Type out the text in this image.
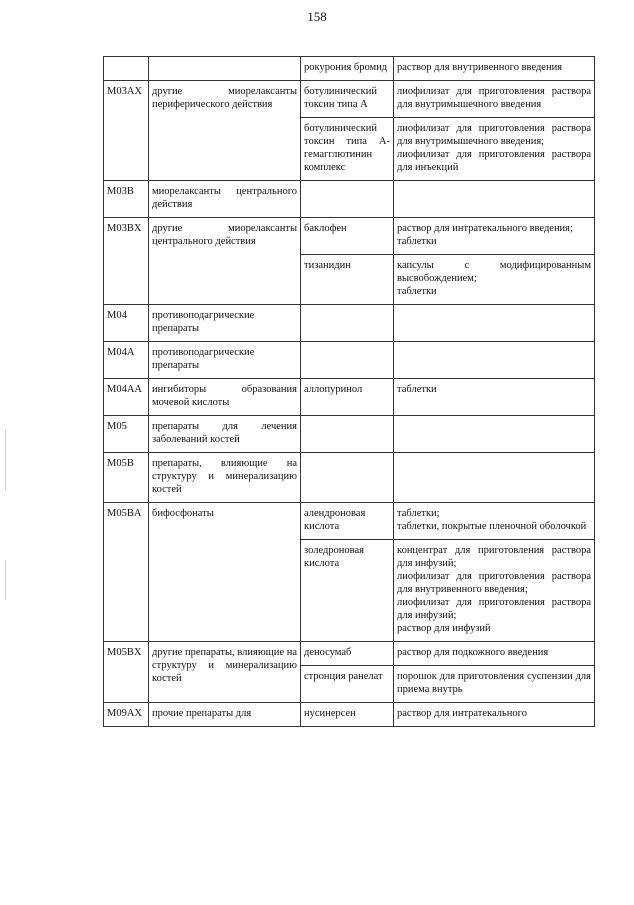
158
		рокурония бромид	раствор для внутривенного введения
M03AX	другие миорелаксанты периферического действия	ботулинический токсин типа А	лиофилизат для приготовления раствора для внутримышечного введения
		ботулинический токсин типа А-гемагглютинин комплекс	лиофилизат для приготовления раствора для внутримышечного введения;
лиофилизат для приготовления раствора для инъекций
M03B	миорелаксанты центрального действия		
M03BX	другие миорелаксанты центрального действия	баклофен	раствор для интратекального введения;
таблетки
		тизанидин	капсулы с модифицированным высвобождением;
таблетки
M04	противоподагрические препараты		
M04A	противоподагрические препараты		
M04AA	ингибиторы образования мочевой кислоты	аллопуринол	таблетки
M05	препараты для лечения заболеваний костей		
M05B	препараты, влияющие на структуру и минерализацию костей		
M05BA	бифосфонаты	алендроновая кислота	таблетки;
таблетки, покрытые пленочной оболочкой
		золедроновая кислота	концентрат для приготовления раствора для инфузий;
лиофилизат для приготовления раствора для внутривенного введения;
лиофилизат для приготовления раствора для инфузий;
раствор для инфузий
M05BX	другие препараты, влияющие на структуру и минерализацию костей	деносумаб	раствор для подкожного введения
		стронция ранелат	порошок для приготовления суспензии для приема внутрь
M09AX	прочие препараты для	нусинерсен	раствор для интратекального
